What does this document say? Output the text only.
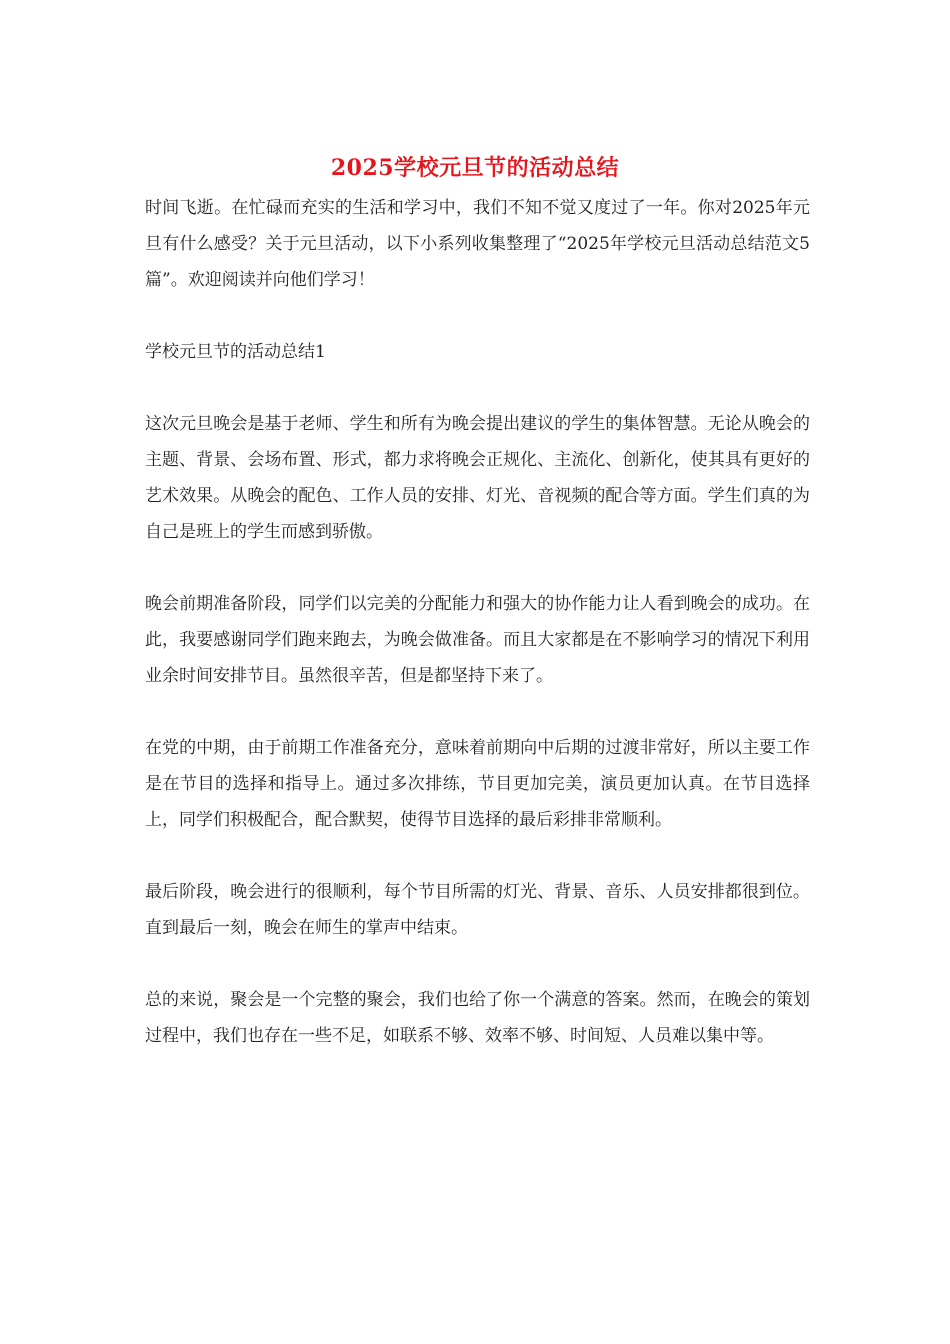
2025学校元旦节的活动总结

时间飞逝。在忙碌而充实的生活和学习中，我们不知不觉又度过了一年。你对2025年元旦有什么感受？关于元旦活动，以下小系列收集整理了“2025年学校元旦活动总结范文5篇”。欢迎阅读并向他们学习！

学校元旦节的活动总结1

这次元旦晚会是基于老师、学生和所有为晚会提出建议的学生的集体智慧。无论从晚会的主题、背景、会场布置、形式，都力求将晚会正规化、主流化、创新化，使其具有更好的艺术效果。从晚会的配色、工作人员的安排、灯光、音视频的配合等方面。学生们真的为自己是班上的学生而感到骄傲。

晚会前期准备阶段，同学们以完美的分配能力和强大的协作能力让人看到晚会的成功。在此，我要感谢同学们跑来跑去，为晚会做准备。而且大家都是在不影响学习的情况下利用业余时间安排节目。虽然很辛苦，但是都坚持下来了。

在党的中期，由于前期工作准备充分，意味着前期向中后期的过渡非常好，所以主要工作是在节目的选择和指导上。通过多次排练，节目更加完美，演员更加认真。在节目选择上，同学们积极配合，配合默契，使得节目选择的最后彩排非常顺利。

最后阶段，晚会进行的很顺利，每个节目所需的灯光、背景、音乐、人员安排都很到位。直到最后一刻，晚会在师生的掌声中结束。

总的来说，聚会是一个完整的聚会，我们也给了你一个满意的答案。然而，在晚会的策划过程中，我们也存在一些不足，如联系不够、效率不够、时间短、人员难以集中等。
